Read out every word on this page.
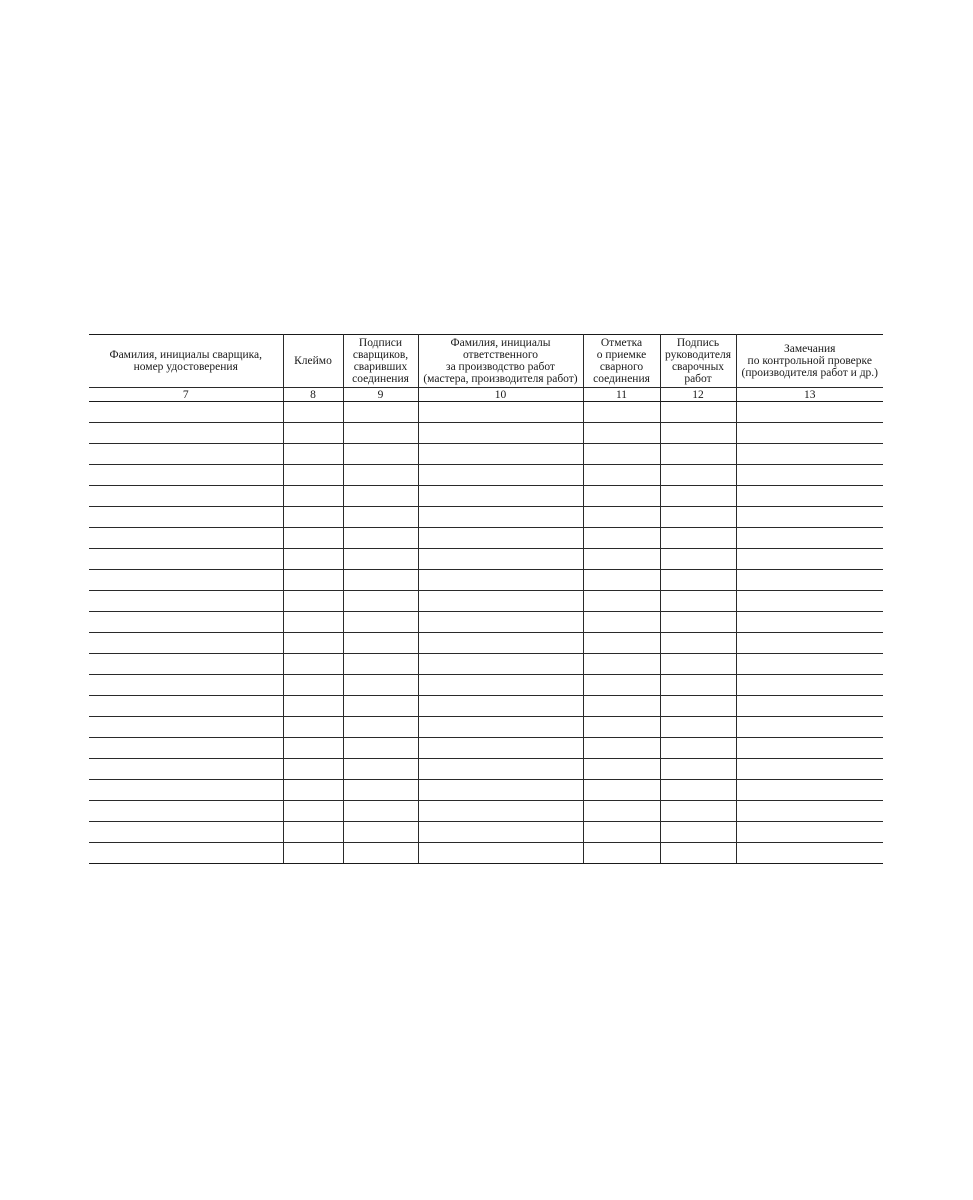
Фамилия, инициалы сварщика,
номер удостоверения	Клеймо	Подписи
сварщиков,
сваривших
соединения	Фамилия, инициалы
ответственного
за производство работ
(мастера, производителя работ)	Отметка
о приемке
сварного
соединения	Подпись
руководителя
сварочных
работ	Замечания
по контрольной проверке
(производителя работ и др.)
7	8	9	10	11	12	13
